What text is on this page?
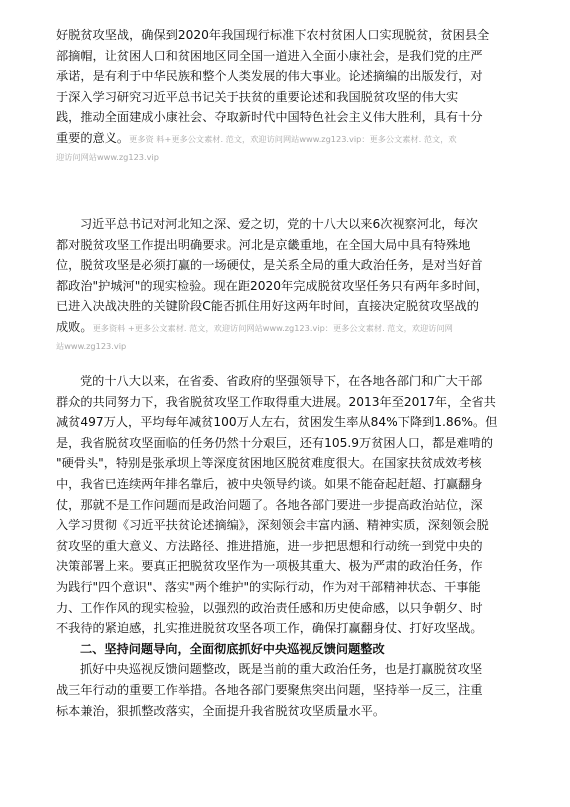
好脱贫攻坚战，确保到2020年我国现行标准下农村贫困人口实现脱贫，贫困县全
部摘帽，让贫困人口和贫困地区同全国一道进入全面小康社会，是我们党的庄严
承诺，是有利于中华民族和整个人类发展的伟大事业。论述摘编的出版发行，对
于深入学习研究习近平总书记关于扶贫的重要论述和我国脱贫攻坚的伟大实
践，推动全面建成小康社会、夺取新时代中国特色社会主义伟大胜利，具有十分
重要的意义。更多资 料+更多公文素材. 范文，欢迎访问网站www.zg123.vip：更多公文素材. 范文，欢
迎访问网站www.zg123.vip
习近平总书记对河北知之深、爱之切，党的十八大以来6次视察河北，每次
都对脱贫攻坚工作提出明确要求。河北是京畿重地，在全国大局中具有特殊地
位，脱贫攻坚是必须打赢的一场硬仗，是关系全局的重大政治任务，是对当好首
都政治"护城河"的现实检验。现在距2020年完成脱贫攻坚任务只有两年多时间，
已进入决战决胜的关键阶段C能否抓住用好这两年时间，直接决定脱贫攻坚战的
成败。更多资料 +更多公文素材. 范文，欢迎访问网站www.zg123.vip：更多公文素材. 范文，欢迎访问网
站www.zg123.vip
党的十八大以来，在省委、省政府的坚强领导下，在各地各部门和广大干部
群众的共同努力下，我省脱贫攻坚工作取得重大进展。2013年至2017年，全省共
减贫497万人，平均每年减贫100万人左右，贫困发生率从84%下降到1.86%。但
是，我省脱贫攻坚面临的任务仍然十分艰巨，还有105.9万贫困人口，都是难啃的
"硬骨头"，特别是张承坝上等深度贫困地区脱贫难度很大。在国家扶贫成效考核
中，我省已连续两年排名靠后，被中央领导约谈。如果不能奋起赶超、打赢翻身
仗，那就不是工作问题而是政治问题了。各地各部门要进一步提高政治站位，深
入学习贯彻《习近平扶贫论述摘编》，深刻领会丰富内涵、精神实质，深刻领会脱
贫攻坚的重大意义、方法路径、推进措施，进一步把思想和行动统一到党中央的
决策部署上来。要真正把脱贫攻坚作为一项极其重大、极为严肃的政治任务，作
为践行"四个意识"、落实"两个维护"的实际行动，作为对干部精神状态、干事能
力、工作作风的现实检验，以强烈的政治责任感和历史使命感，以只争朝夕、时
不我待的紧迫感，扎实推进脱贫攻坚各项工作，确保打赢翻身仗、打好攻坚战。
二、坚持问题导向，全面彻底抓好中央巡视反馈问题整改
抓好中央巡视反馈问题整改，既是当前的重大政治任务，也是打赢脱贫攻坚
战三年行动的重要工作举措。各地各部门要聚焦突出问题，坚持举一反三，注重
标本兼治，狠抓整改落实，全面提升我省脱贫攻坚质量水平。
